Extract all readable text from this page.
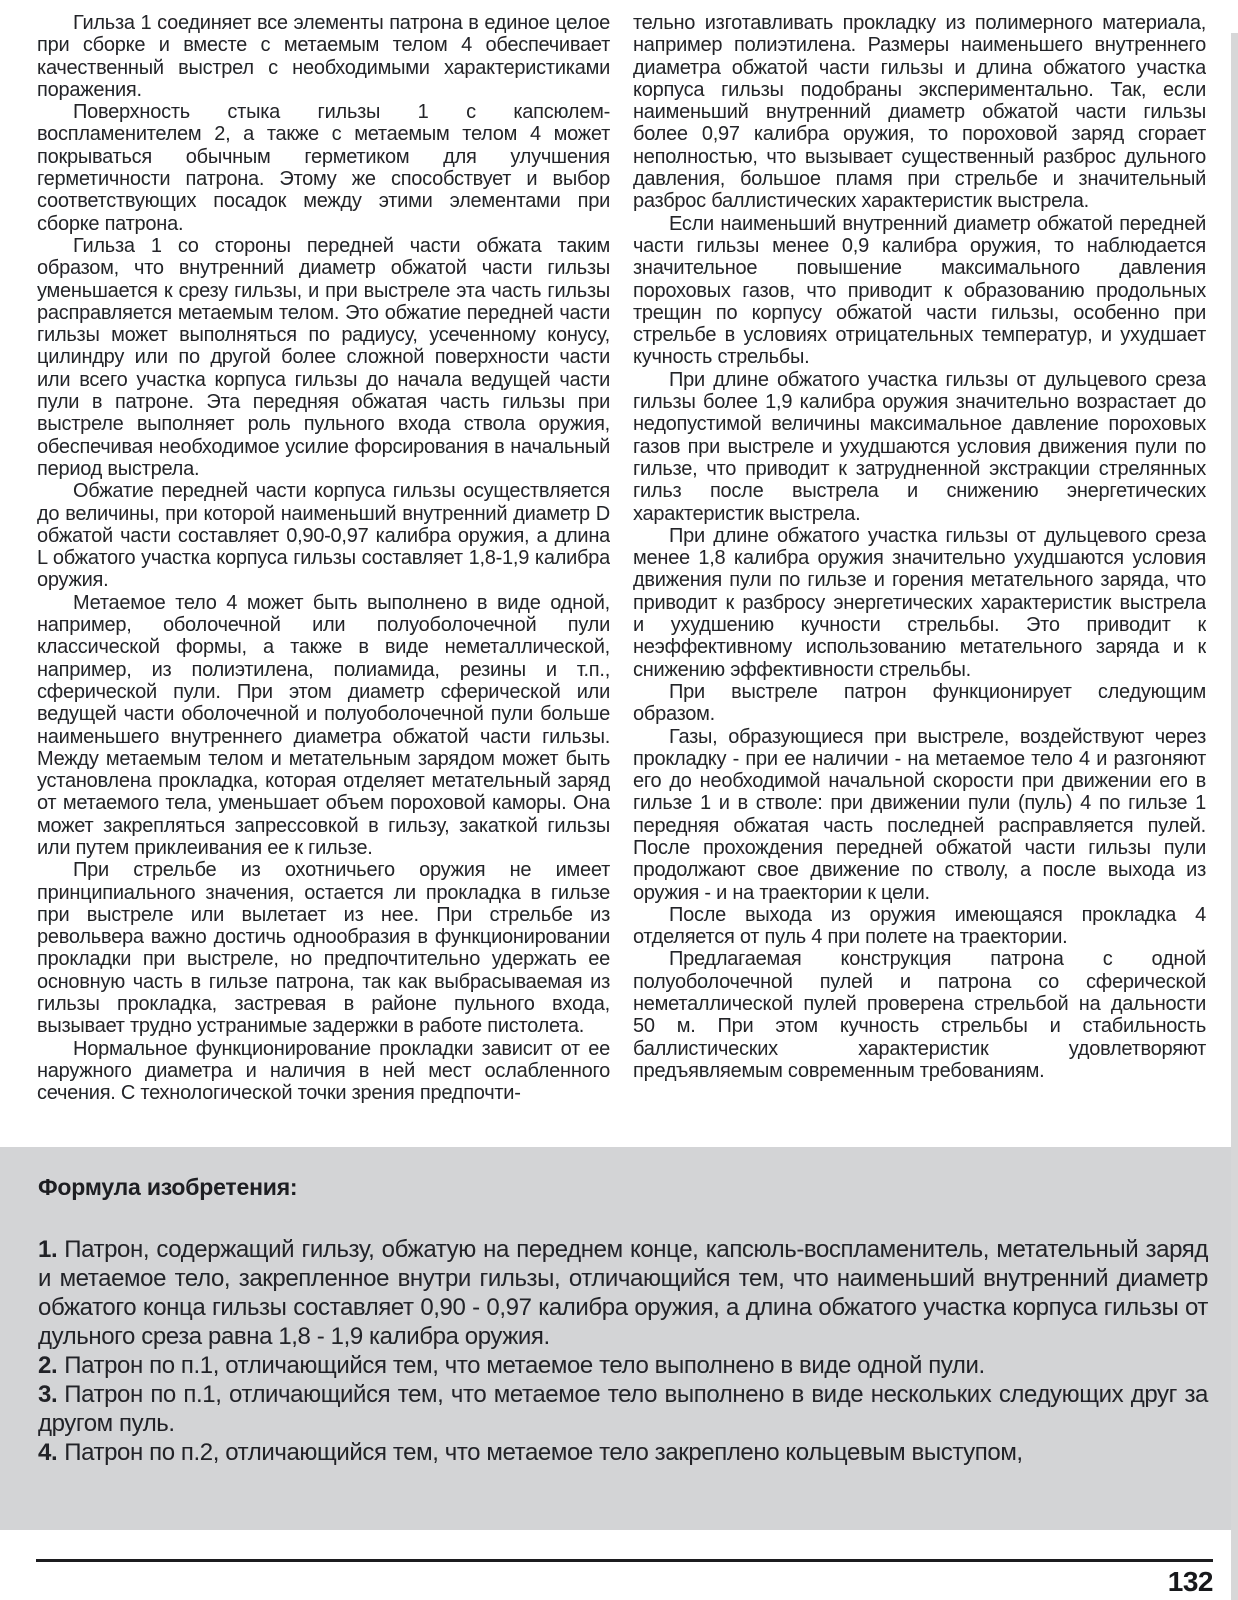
Гильза 1 соединяет все элементы патрона в единое целое при сборке и вместе с метаемым телом 4 обеспечивает качественный выстрел с необходимыми характеристиками поражения.

Поверхность стыка гильзы 1 с капсюлем-воспламенителем 2, а также с метаемым телом 4 может покрываться обычным герметиком для улучшения герметичности патрона. Этому же способствует и выбор соответствующих посадок между этими элементами при сборке патрона.

Гильза 1 со стороны передней части обжата таким образом, что внутренний диаметр обжатой части гильзы уменьшается к срезу гильзы, и при выстреле эта часть гильзы расправляется метаемым телом. Это обжатие передней части гильзы может выполняться по радиусу, усеченному конусу, цилиндру или по другой более сложной поверхности части или всего участка корпуса гильзы до начала ведущей части пули в патроне. Эта передняя обжатая часть гильзы при выстреле выполняет роль пульного входа ствола оружия, обеспечивая необходимое усилие форсирования в начальный период выстрела.

Обжатие передней части корпуса гильзы осуществляется до величины, при которой наименьший внутренний диаметр D обжатой части составляет 0,90-0,97 калибра оружия, а длина L обжатого участка корпуса гильзы составляет 1,8-1,9 калибра оружия.

Метаемое тело 4 может быть выполнено в виде одной, например, оболочечной или полуоболочечной пули классической формы, а также в виде неметаллической, например, из полиэтилена, полиамида, резины и т.п., сферической пули. При этом диаметр сферической или ведущей части оболочечной и полуоболочечной пули больше наименьшего внутреннего диаметра обжатой части гильзы. Между метаемым телом и метательным зарядом может быть установлена прокладка, которая отделяет метательный заряд от метаемого тела, уменьшает объем пороховой каморы. Она может закрепляться запрессовкой в гильзу, закаткой гильзы или путем приклеивания ее к гильзе.

При стрельбе из охотничьего оружия не имеет принципиального значения, остается ли прокладка в гильзе при выстреле или вылетает из нее. При стрельбе из револьвера важно достичь однообразия в функционировании прокладки при выстреле, но предпочтительно удержать ее основную часть в гильзе патрона, так как выбрасываемая из гильзы прокладка, застревая в районе пульного входа, вызывает трудно устранимые задержки в работе пистолета.

Нормальное функционирование прокладки зависит от ее наружного диаметра и наличия в ней мест ослабленного сечения. С технологической точки зрения предпочти-

тельно изготавливать прокладку из полимерного материала, например полиэтилена. Размеры наименьшего внутреннего диаметра обжатой части гильзы и длина обжатого участка корпуса гильзы подобраны экспериментально. Так, если наименьший внутренний диаметр обжатой части гильзы более 0,97 калибра оружия, то пороховой заряд сгорает неполностью, что вызывает существенный разброс дульного давления, большое пламя при стрельбе и значительный разброс баллистических характеристик выстрела.

Если наименьший внутренний диаметр обжатой передней части гильзы менее 0,9 калибра оружия, то наблюдается значительное повышение максимального давления пороховых газов, что приводит к образованию продольных трещин по корпусу обжатой части гильзы, особенно при стрельбе в условиях отрицательных температур, и ухудшает кучность стрельбы.

При длине обжатого участка гильзы от дульцевого среза гильзы более 1,9 калибра оружия значительно возрастает до недопустимой величины максимальное давление пороховых газов при выстреле и ухудшаются условия движения пули по гильзе, что приводит к затрудненной экстракции стрелянных гильз после выстрела и снижению энергетических характеристик выстрела.

При длине обжатого участка гильзы от дульцевого среза менее 1,8 калибра оружия значительно ухудшаются условия движения пули по гильзе и горения метательного заряда, что приводит к разбросу энергетических характеристик выстрела и ухудшению кучности стрельбы. Это приводит к неэффективному использованию метательного заряда и к снижению эффективности стрельбы.

При выстреле патрон функционирует следующим образом.

Газы, образующиеся при выстреле, воздействуют через прокладку - при ее наличии - на метаемое тело 4 и разгоняют его до необходимой начальной скорости при движении его в гильзе 1 и в стволе: при движении пули (пуль) 4 по гильзе 1 передняя обжатая часть последней расправляется пулей. После прохождения передней обжатой части гильзы пули продолжают свое движение по стволу, а после выхода из оружия - и на траектории к цели.

После выхода из оружия имеющаяся прокладка 4 отделяется от пуль 4 при полете на траектории.

Предлагаемая конструкция патрона с одной полуоболочечной пулей и патрона со сферической неметаллической пулей проверена стрельбой на дальности 50 м. При этом кучность стрельбы и стабильность баллистических характеристик удовлетворяют предъявляемым современным требованиям.

Формула изобретения:

1. Патрон, содержащий гильзу, обжатую на переднем конце, капсюль-воспламенитель, метательный заряд и метаемое тело, закрепленное внутри гильзы, отличающийся тем, что наименьший внутренний диаметр обжатого конца гильзы составляет 0,90 - 0,97 калибра оружия, а длина обжатого участка корпуса гильзы от дульного среза равна 1,8 - 1,9 калибра оружия.

2. Патрон по п.1, отличающийся тем, что метаемое тело выполнено в виде одной пули.

3. Патрон по п.1, отличающийся тем, что метаемое тело выполнено в виде нескольких следующих друг за другом пуль.

4. Патрон по п.2, отличающийся тем, что метаемое тело закреплено кольцевым выступом,

132
